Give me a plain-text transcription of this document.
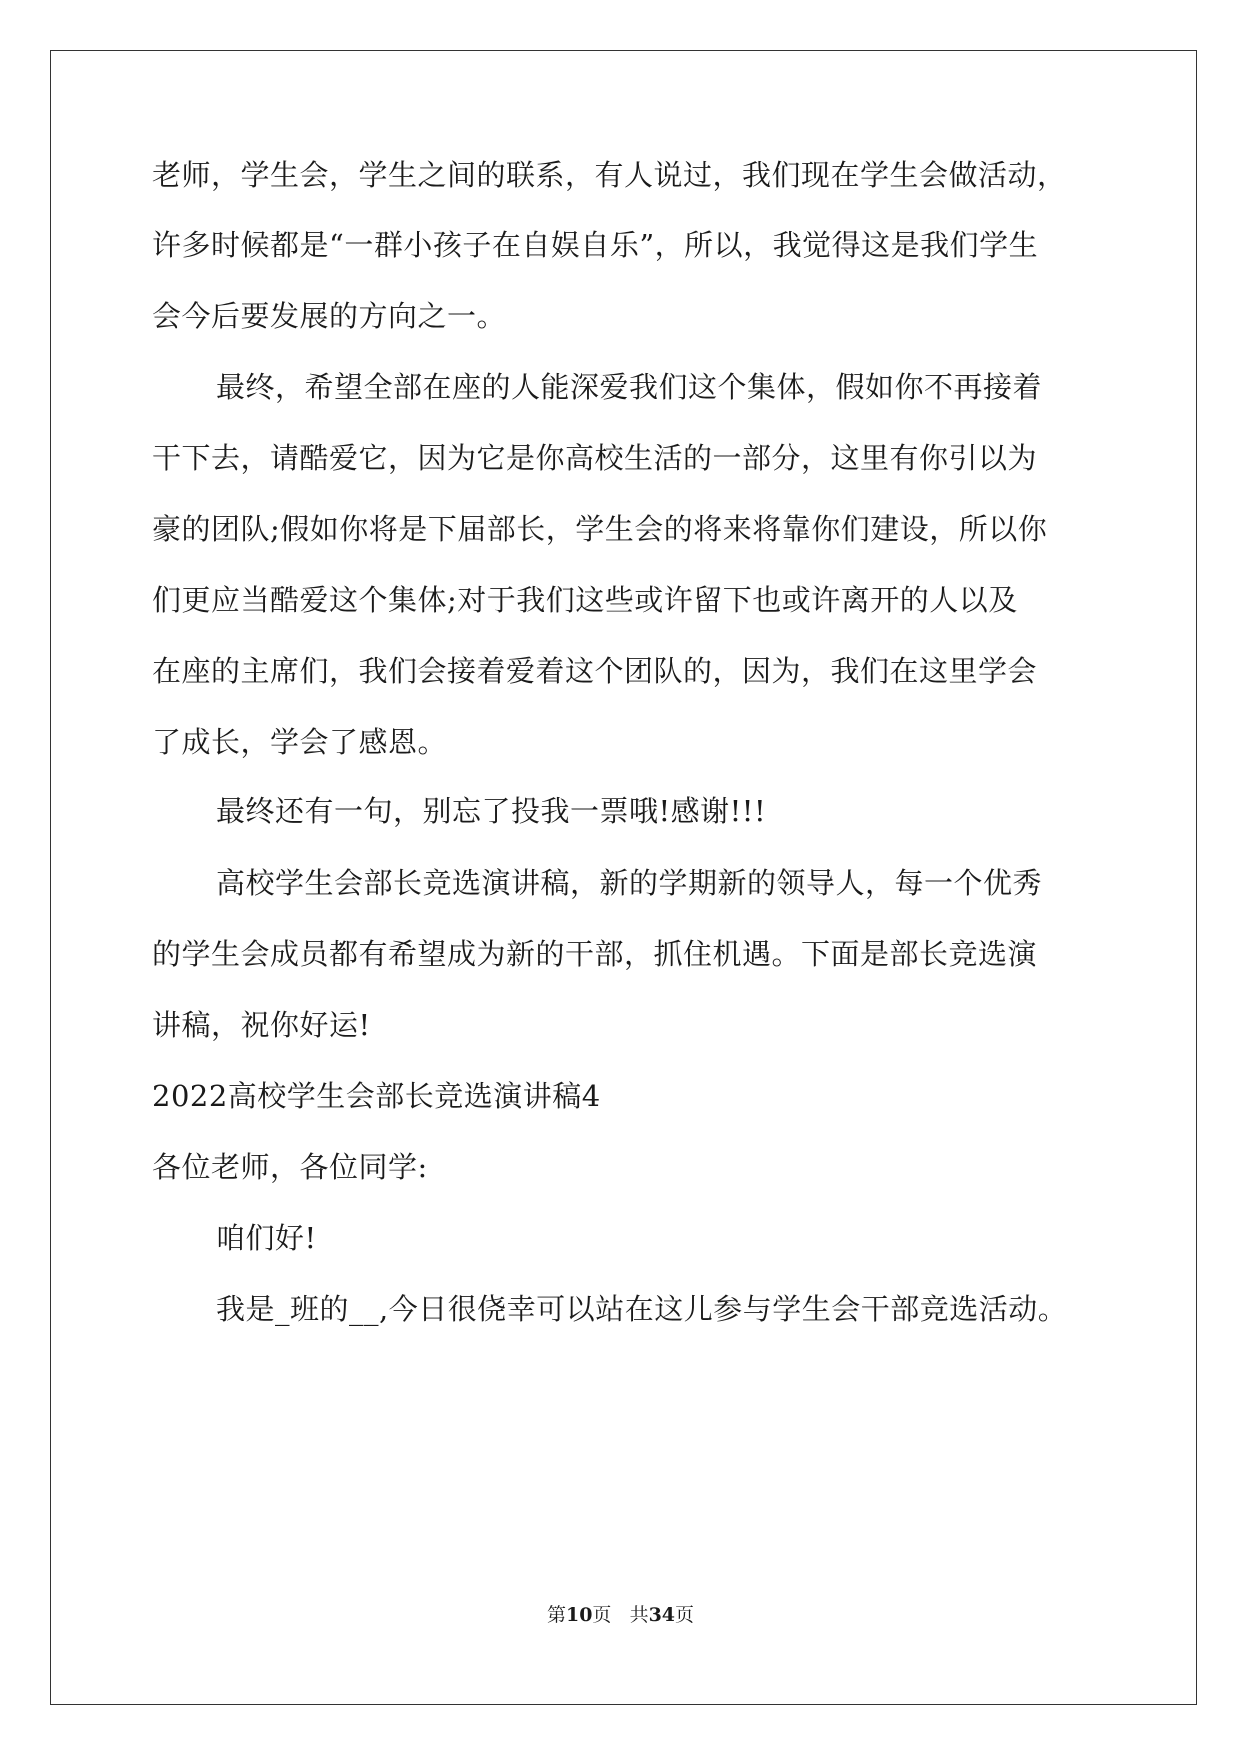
老师，学生会，学生之间的联系，有人说过，我们现在学生会做活动，
许多时候都是“一群小孩子在自娱自乐”，所以，我觉得这是我们学生
会今后要发展的方向之一。
最终，希望全部在座的人能深爱我们这个集体，假如你不再接着
干下去，请酷爱它，因为它是你高校生活的一部分，这里有你引以为
豪的团队;假如你将是下届部长，学生会的将来将靠你们建设，所以你
们更应当酷爱这个集体;对于我们这些或许留下也或许离开的人以及
在座的主席们，我们会接着爱着这个团队的，因为，我们在这里学会
了成长，学会了感恩。
最终还有一句，别忘了投我一票哦!感谢!!!
高校学生会部长竞选演讲稿，新的学期新的领导人，每一个优秀
的学生会成员都有希望成为新的干部，抓住机遇。下面是部长竞选演
讲稿，祝你好运!
2022高校学生会部长竞选演讲稿4
各位老师，各位同学:
咱们好!
我是_班的__,今日很侥幸可以站在这儿参与学生会干部竞选活动。
第10页 共34页
